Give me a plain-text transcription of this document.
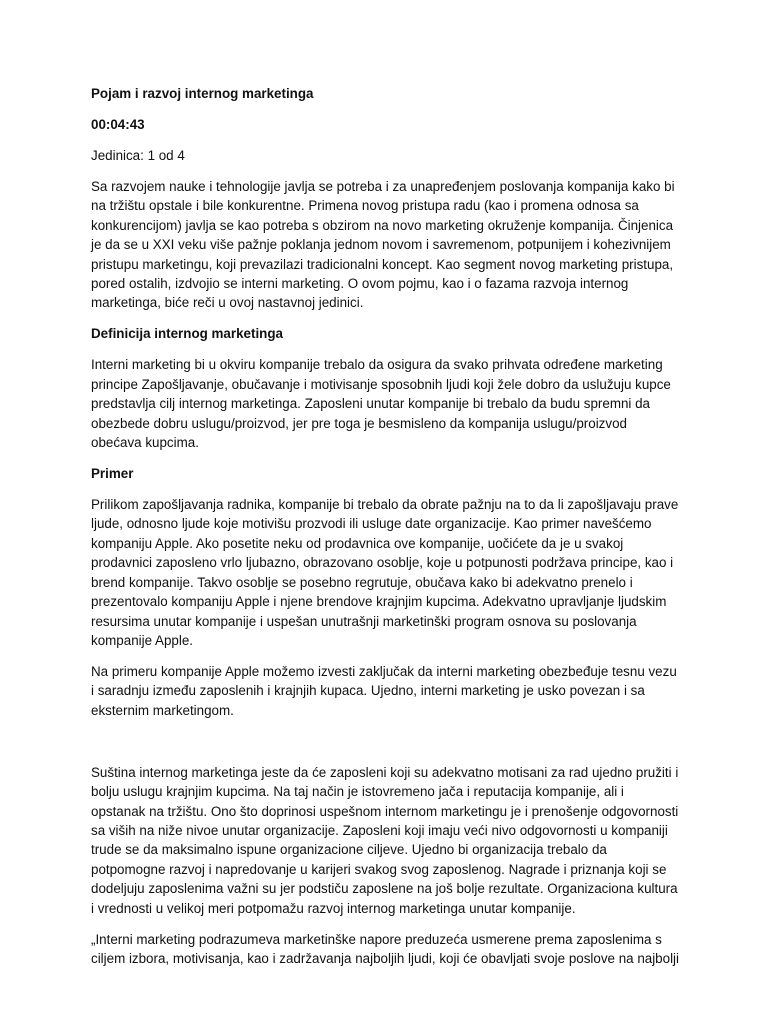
Pojam i razvoj internog marketinga

00:04:43

Jedinica: 1 od 4

Sa razvojem nauke i tehnologije javlja se potreba i za unapređenjem poslovanja kompanija kako bi na tržištu opstale i bile konkurentne. Primena novog pristupa radu (kao i promena odnosa sa konkurencijom) javlja se kao potreba s obzirom na novo marketing okruženje kompanija. Činjenica je da se u XXI veku više pažnje poklanja jednom novom i savremenom, potpunijem i kohezivnijem pristupu marketingu, koji prevazilazi tradicionalni koncept. Kao segment novog marketing pristupa, pored ostalih, izdvojio se interni marketing. O ovom pojmu, kao i o fazama razvoja internog marketinga, biće reči u ovoj nastavnoj jedinici.

Definicija internog marketinga

Interni marketing bi u okviru kompanije trebalo da osigura da svako prihvata određene marketing principe Zapošljavanje, obučavanje i motivisanje sposobnih ljudi koji žele dobro da uslužuju kupce predstavlja cilj internog marketinga. Zaposleni unutar kompanije bi trebalo da budu spremni da obezbede dobru uslugu/proizvod, jer pre toga je besmisleno da kompanija uslugu/proizvod obećava kupcima.

Primer

Prilikom zapošljavanja radnika, kompanije bi trebalo da obrate pažnju na to da li zapošljavaju prave ljude, odnosno ljude koje motivišu prozvodi ili usluge date organizacije. Kao primer navešćemo kompaniju Apple. Ako posetite neku od prodavnica ove kompanije, uočićete da je u svakoj prodavnici zaposleno vrlo ljubazno, obrazovano osoblje, koje u potpunosti podržava principe, kao i brend kompanije. Takvo osoblje se posebno regrutuje, obučava kako bi adekvatno prenelo i prezentovalo kompaniju Apple i njene brendove krajnjim kupcima. Adekvatno upravljanje ljudskim resursima unutar kompanije i uspešan unutrašnji marketinški program osnova su poslovanja kompanije Apple.

Na primeru kompanije Apple možemo izvesti zaključak da interni marketing obezbeđuje tesnu vezu i saradnju između zaposlenih i krajnjih kupaca. Ujedno, interni marketing je usko povezan i sa eksternim marketingom.

Suština internog marketinga jeste da će zaposleni koji su adekvatno motisani za rad ujedno pružiti i bolju uslugu krajnjim kupcima. Na taj način je istovremeno jača i reputacija kompanije, ali i opstanak na tržištu. Ono što doprinosi uspešnom internom marketingu je i prenošenje odgovornosti sa viših na niže nivoe unutar organizacije. Zaposleni koji imaju veći nivo odgovornosti u kompaniji trude se da maksimalno ispune organizacione ciljeve. Ujedno bi organizacija trebalo da potpomogne razvoj i napredovanje u karijeri svakog svog zaposlenog. Nagrade i priznanja koji se dodeljuju zaposlenima važni su jer podstiču zaposlene na još bolje rezultate. Organizaciona kultura i vrednosti u velikoj meri potpomažu razvoj internog marketinga unutar kompanije.

„Interni marketing podrazumeva marketinške napore preduzeća usmerene prema zaposlenima s ciljem izbora, motivisanja, kao i zadržavanja najboljih ljudi, koji će obavljati svoje poslove na najbolji
